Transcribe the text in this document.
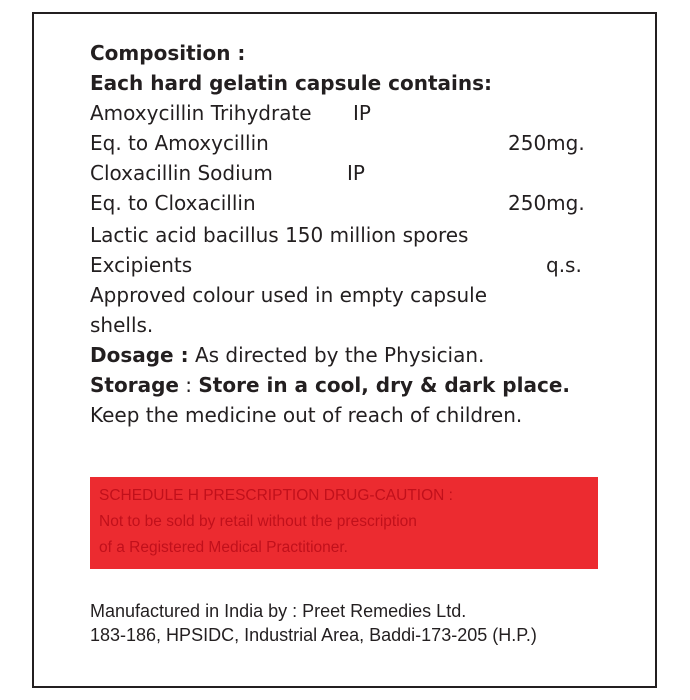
Composition :
Each hard gelatin capsule contains:
Amoxycillin Trihydrate IP
Eq. to Amoxycillin	250mg.
Cloxacillin Sodium	IP
Eq. to Cloxacillin	250mg.
Lactic acid bacillus 150 million spores
Excipients	q.s.
Approved colour used in empty capsule
shells.
Dosage : As directed by the Physician.
Storage : Store in a cool, dry & dark place.
Keep the medicine out of reach of children.
SCHEDULE H PRESCRIPTION DRUG-CAUTION :
Not to be sold by retail without the prescription
of a Registered Medical Practitioner.
Manufactured in India by : Preet Remedies Ltd.
183-186, HPSIDC, Industrial Area, Baddi-173-205 (H.P.)
